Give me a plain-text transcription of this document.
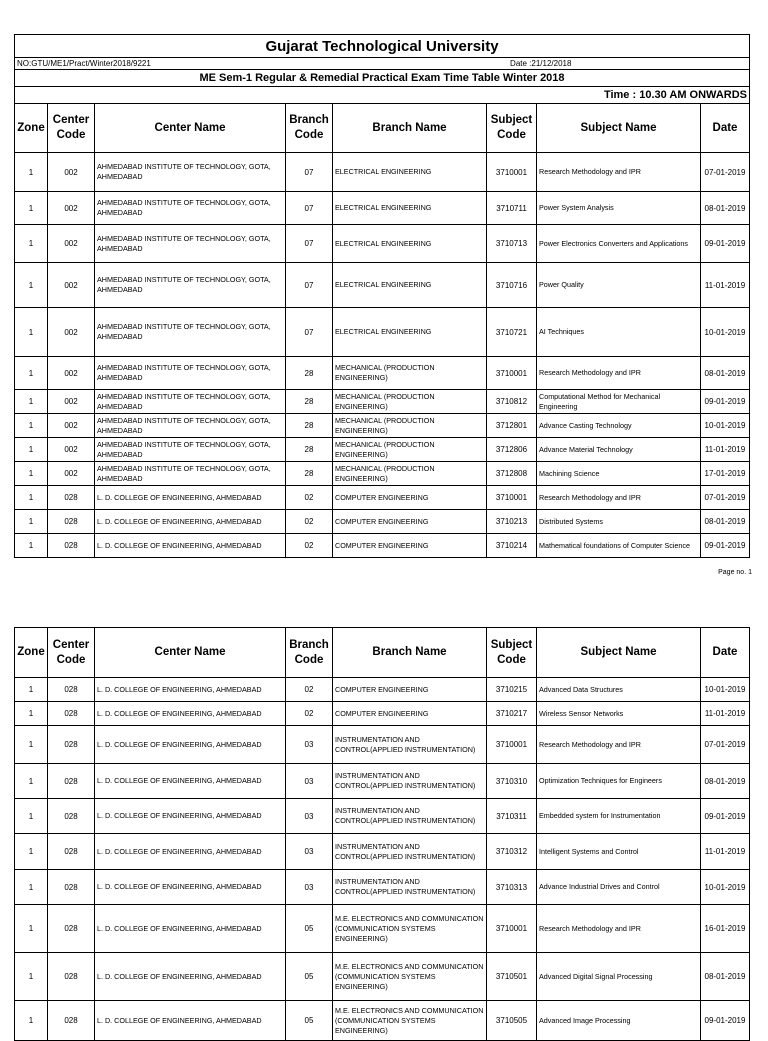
Gujarat Technological University							
NO:GTU/ME1/Pract/Winter2018/9221				Date :21/12/2018			
ME Sem-1 Regular & Remedial Practical Exam Time Table Winter 2018							
Time : 10.30 AM ONWARDS							
Zone	Center Code	Center Name	Branch Code	Branch Name	Subject Code	Subject Name	Date
1	002	AHMEDABAD INSTITUTE OF TECHNOLOGY, GOTA, AHMEDABAD	07	ELECTRICAL ENGINEERING	3710001	Research Methodology and IPR	07-01-2019
1	002	AHMEDABAD INSTITUTE OF TECHNOLOGY, GOTA, AHMEDABAD	07	ELECTRICAL ENGINEERING	3710711	Power System Analysis	08-01-2019
1	002	AHMEDABAD INSTITUTE OF TECHNOLOGY, GOTA, AHMEDABAD	07	ELECTRICAL ENGINEERING	3710713	Power Electronics Converters and Applications	09-01-2019
1	002	AHMEDABAD INSTITUTE OF TECHNOLOGY, GOTA, AHMEDABAD	07	ELECTRICAL ENGINEERING	3710716	Power Quality	11-01-2019
1	002	AHMEDABAD INSTITUTE OF TECHNOLOGY, GOTA, AHMEDABAD	07	ELECTRICAL ENGINEERING	3710721	AI Techniques	10-01-2019
1	002	AHMEDABAD INSTITUTE OF TECHNOLOGY, GOTA, AHMEDABAD	28	MECHANICAL (PRODUCTION ENGINEERING)	3710001	Research Methodology and IPR	08-01-2019
1	002	AHMEDABAD INSTITUTE OF TECHNOLOGY, GOTA, AHMEDABAD	28	MECHANICAL (PRODUCTION ENGINEERING)	3710812	Computational Method for Mechanical Engineering	09-01-2019
1	002	AHMEDABAD INSTITUTE OF TECHNOLOGY, GOTA, AHMEDABAD	28	MECHANICAL (PRODUCTION ENGINEERING)	3712801	Advance Casting Technology	10-01-2019
1	002	AHMEDABAD INSTITUTE OF TECHNOLOGY, GOTA, AHMEDABAD	28	MECHANICAL (PRODUCTION ENGINEERING)	3712806	Advance Material Technology	11-01-2019
1	002	AHMEDABAD INSTITUTE OF TECHNOLOGY, GOTA, AHMEDABAD	28	MECHANICAL (PRODUCTION ENGINEERING)	3712808	Machining Science	17-01-2019
1	028	L. D. COLLEGE OF ENGINEERING, AHMEDABAD	02	COMPUTER ENGINEERING	3710001	Research Methodology and IPR	07-01-2019
1	028	L. D. COLLEGE OF ENGINEERING, AHMEDABAD	02	COMPUTER ENGINEERING	3710213	Distributed Systems	08-01-2019
1	028	L. D. COLLEGE OF ENGINEERING, AHMEDABAD	02	COMPUTER ENGINEERING	3710214	Mathematical foundations of Computer Science	09-01-2019
Page no. 1
Zone	Center Code	Center Name	Branch Code	Branch Name	Subject Code	Subject Name	Date
1	028	L. D. COLLEGE OF ENGINEERING, AHMEDABAD	02	COMPUTER ENGINEERING	3710215	Advanced Data Structures	10-01-2019
1	028	L. D. COLLEGE OF ENGINEERING, AHMEDABAD	02	COMPUTER ENGINEERING	3710217	Wireless Sensor Networks	11-01-2019
1	028	L. D. COLLEGE OF ENGINEERING, AHMEDABAD	03	INSTRUMENTATION AND CONTROL(APPLIED INSTRUMENTATION)	3710001	Research Methodology and IPR	07-01-2019
1	028	L. D. COLLEGE OF ENGINEERING, AHMEDABAD	03	INSTRUMENTATION AND CONTROL(APPLIED INSTRUMENTATION)	3710310	Optimization Techniques for Engineers	08-01-2019
1	028	L. D. COLLEGE OF ENGINEERING, AHMEDABAD	03	INSTRUMENTATION AND CONTROL(APPLIED INSTRUMENTATION)	3710311	Embedded system for Instrumentation	09-01-2019
1	028	L. D. COLLEGE OF ENGINEERING, AHMEDABAD	03	INSTRUMENTATION AND CONTROL(APPLIED INSTRUMENTATION)	3710312	Intelligent Systems and Control	11-01-2019
1	028	L. D. COLLEGE OF ENGINEERING, AHMEDABAD	03	INSTRUMENTATION AND CONTROL(APPLIED INSTRUMENTATION)	3710313	Advance Industrial Drives and Control	10-01-2019
1	028	L. D. COLLEGE OF ENGINEERING, AHMEDABAD	05	M.E. ELECTRONICS AND COMMUNICATION (COMMUNICATION SYSTEMS ENGINEERING)	3710001	Research Methodology and IPR	16-01-2019
1	028	L. D. COLLEGE OF ENGINEERING, AHMEDABAD	05	M.E. ELECTRONICS AND COMMUNICATION (COMMUNICATION SYSTEMS ENGINEERING)	3710501	Advanced Digital Signal Processing	08-01-2019
1	028	L. D. COLLEGE OF ENGINEERING, AHMEDABAD	05	M.E. ELECTRONICS AND COMMUNICATION (COMMUNICATION SYSTEMS ENGINEERING)	3710505	Advanced Image Processing	09-01-2019
